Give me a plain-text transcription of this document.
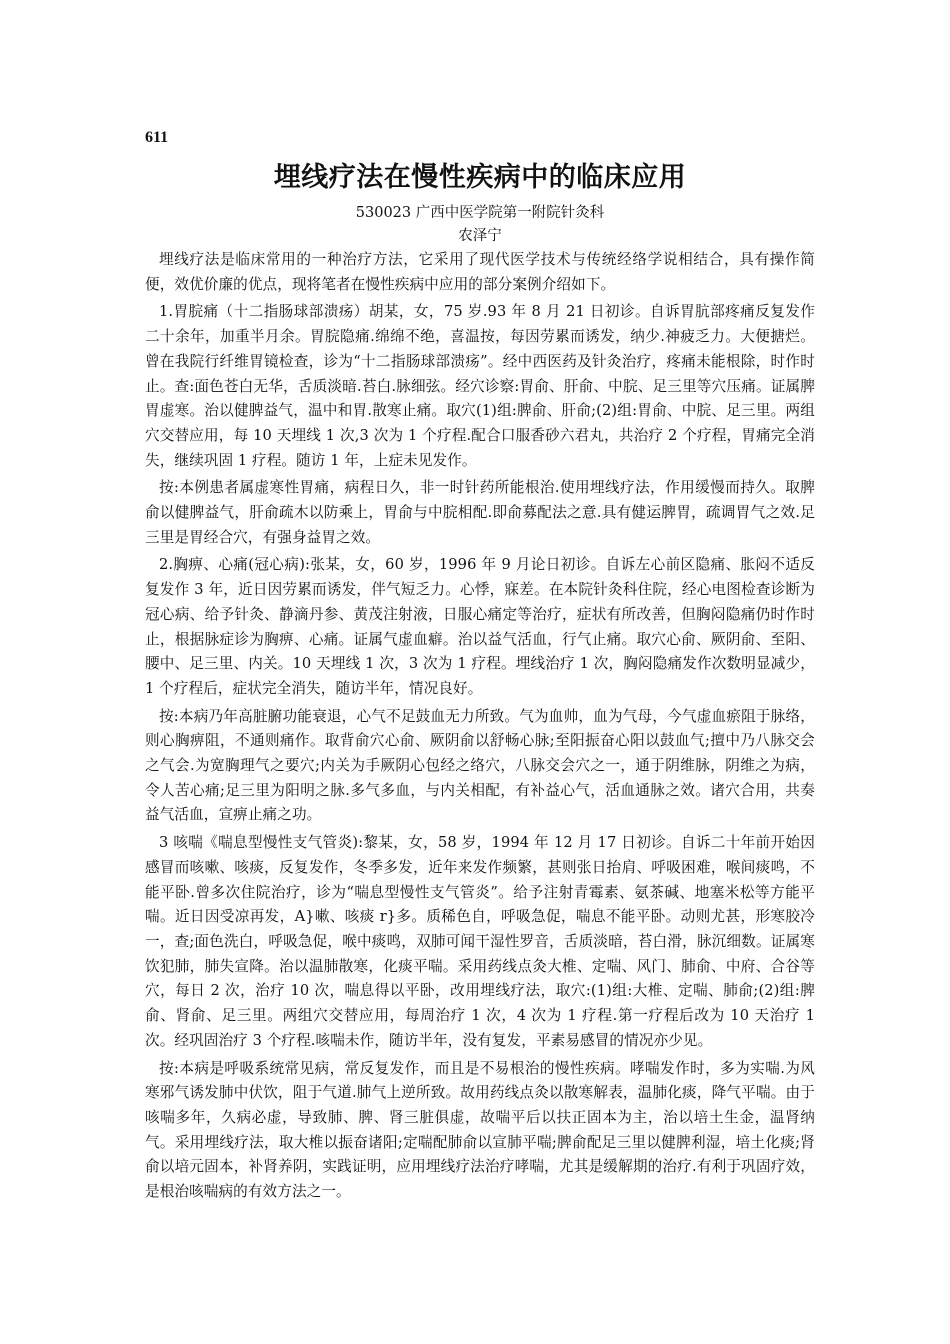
611
埋线疗法在慢性疾病中的临床应用
530023 广西中医学院第一附院针灸科
农泽宁

埋线疗法是临床常用的一种治疗方法，它采用了现代医学技术与传统经络学说相结合，具有操作简便，效优价廉的优点，现将笔者在慢性疾病中应用的部分案例介绍如下。

1.胃脘痛（十二指肠球部溃疡）胡某，女，75 岁.93 年 8 月 21 日初诊。自诉胃肮部疼痛反复发作二十余年，加重半月余。胃脘隐痛.绵绵不绝，喜温按，每因劳累而诱发，纳少.神疲乏力。大便搪烂。曾在我院行纤维胃镜检查，诊为“十二指肠球部溃疡”。经中西医药及针灸治疗，疼痛未能根除，时作时止。查:面色苍白无华，舌质淡暗.苔白.脉细弦。经穴诊察:胃俞、肝俞、中脘、足三里等穴压痛。证属脾胃虚寒。治以健脾益气，温中和胃.散寒止痛。取穴(1)组:脾俞、肝俞;(2)组:胃俞、中脘、足三里。两组穴交替应用，每 10 天埋线 1 次,3 次为 1 个疗程.配合口服香砂六君丸，共治疗 2 个疗程，胃痛完全消失，继续巩固 1 疗程。随访 1 年，上症未见发作。

按:本例患者属虚寒性胃痛，病程日久，非一时针药所能根治.使用埋线疗法，作用缓慢而持久。取脾俞以健脾益气，肝俞疏木以防乘上，胃俞与中脘相配.即俞募配法之意.具有健运脾胃，疏调胃气之效.足三里是胃经合穴，有强身益胃之效。

2.胸痹、心痛(冠心病):张某，女，60 岁，1996 年 9 月论日初诊。自诉左心前区隐痛、胀闷不适反复发作 3 年，近日因劳累而诱发，伴气短乏力。心悸，寐差。在本院针灸科住院，经心电图检查诊断为冠心病、给予针灸、静滴丹参、黄茂注射液，日服心痛定等治疗，症状有所改善，但胸闷隐痛仍时作时止，根据脉症诊为胸痹、心痛。证属气虚血癖。治以益气活血，行气止痛。取穴心俞、厥阴俞、至阳、腰中、足三里、内关。10 天埋线 1 次，3 次为 1 疗程。埋线治疗 1 次，胸闷隐痛发作次数明显减少，1 个疗程后，症状完全消失，随访半年，情况良好。

按:本病乃年高脏腑功能衰退，心气不足鼓血无力所致。气为血帅，血为气母，今气虚血瘀阻于脉络，则心胸痹阻，不通则痛作。取背俞穴心俞、厥阴俞以舒畅心脉;至阳振奋心阳以鼓血气;擅中乃八脉交会之气会.为宽胸理气之要穴;内关为手厥阴心包经之络穴，八脉交会穴之一，通于阴维脉，阴维之为病，令人苦心痛;足三里为阳明之脉.多气多血，与内关相配，有补益心气，活血通脉之效。诸穴合用，共奏益气活血，宣痹止痛之功。

3 咳喘《喘息型慢性支气管炎):黎某，女，58 岁，1994 年 12 月 17 日初诊。自诉二十年前开始因感冒而咳嗽、咳痰，反复发作，冬季多发，近年来发作频繁，甚则张日抬肩、呼吸困难，喉间痰鸣，不能平卧.曾多次住院治疗，诊为“喘息型慢性支气管炎”。给予注射青霉素、氨茶碱、地塞米松等方能平喘。近日因受凉再发，A}嗽、咳痰 r}多。质稀色自，呼吸急促，喘息不能平卧。动则尤甚，形寒胶冷一，查;面色洗白，呼吸急促，喉中痰鸣，双肺可闻干湿性罗音，舌质淡暗，苔白滑，脉沉细数。证属寒饮犯肺，肺失宣降。治以温肺散寒，化痰平喘。采用药线点灸大椎、定喘、风门、肺俞、中府、合谷等穴，每日 2 次，治疗 10 次，喘息得以平卧，改用埋线疗法，取穴:(1)组:大椎、定喘、肺俞;(2)组:脾俞、肾俞、足三里。两组穴交替应用，每周治疗 1 次，4 次为 1 疗程.第一疗程后改为 10 天治疗 1 次。经巩固治疗 3 个疗程.咳喘未作，随访半年，没有复发，平素易感冒的情况亦少见。

按:本病是呼吸系统常见病，常反复发作，而且是不易根治的慢性疾病。哮喘发作时，多为实喘.为风寒邪气诱发肺中伏饮，阻于气道.肺气上逆所致。故用药线点灸以散寒解表，温肺化痰，降气平喘。由于咳喘多年，久病必虚，导致肺、脾、肾三脏俱虚，故喘平后以扶正固本为主，治以培土生金，温肾纳气。采用埋线疗法，取大椎以振奋诸阳;定喘配肺俞以宣肺平喘;脾俞配足三里以健脾利湿，培土化痰;肾俞以培元固本，补肾养阴，实践证明，应用埋线疗法治疗哮喘，尤其是缓解期的治疗.有利于巩固疗效，是根治咳喘病的有效方法之一。
